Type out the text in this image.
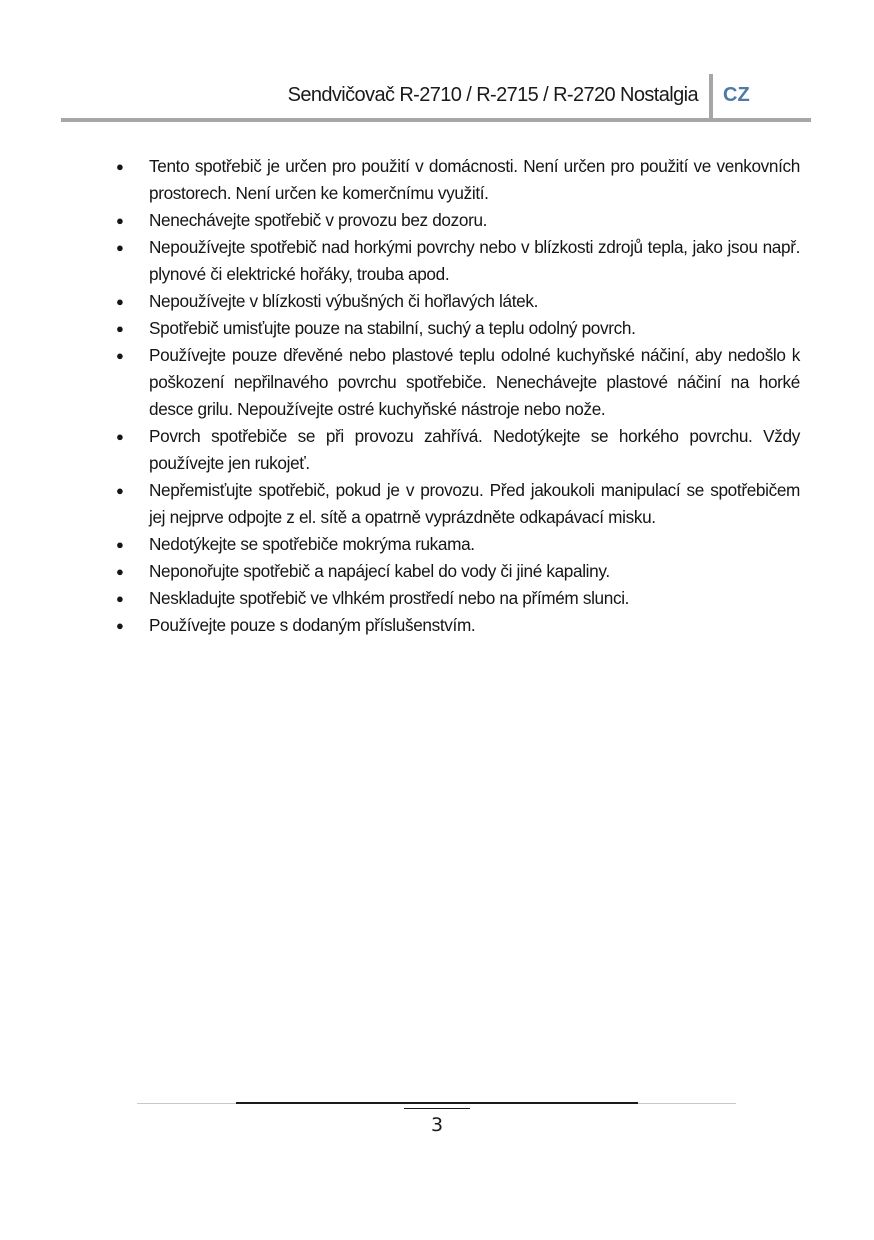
Sendvičovač R-2710 / R-2715 / R-2720 Nostalgia CZ
●	Tento spotřebič je určen pro použití v domácnosti. Není určen pro použití ve venkovních prostorech. Není určen ke komerčnímu využití.
●	Nenechávejte spotřebič v provozu bez dozoru.
●	Nepoužívejte spotřebič nad horkými povrchy nebo v blízkosti zdrojů tepla, jako jsou např. plynové či elektrické hořáky, trouba apod.
●	Nepoužívejte v blízkosti výbušných či hořlavých látek.
●	Spotřebič umisťujte pouze na stabilní, suchý a teplu odolný povrch.
●	Používejte pouze dřevěné nebo plastové teplu odolné kuchyňské náčiní, aby nedošlo k poškození nepřilnavého povrchu spotřebiče. Nenechávejte plastové náčiní na horké desce grilu. Nepoužívejte ostré kuchyňské nástroje nebo nože.
●	Povrch spotřebiče se při provozu zahřívá. Nedotýkejte se horkého povrchu. Vždy používejte jen rukojeť.
●	Nepřemisťujte spotřebič, pokud je v provozu. Před jakoukoli manipulací se spotřebičem jej nejprve odpojte z el. sítě a opatrně vyprázdněte odkapávací misku.
●	Nedotýkejte se spotřebiče mokrýma rukama.
●	Neponořujte spotřebič a napájecí kabel do vody či jiné kapaliny.
●	Neskladujte spotřebič ve vlhkém prostředí nebo na přímém slunci.
●	Používejte pouze s dodaným příslušenstvím.
3
